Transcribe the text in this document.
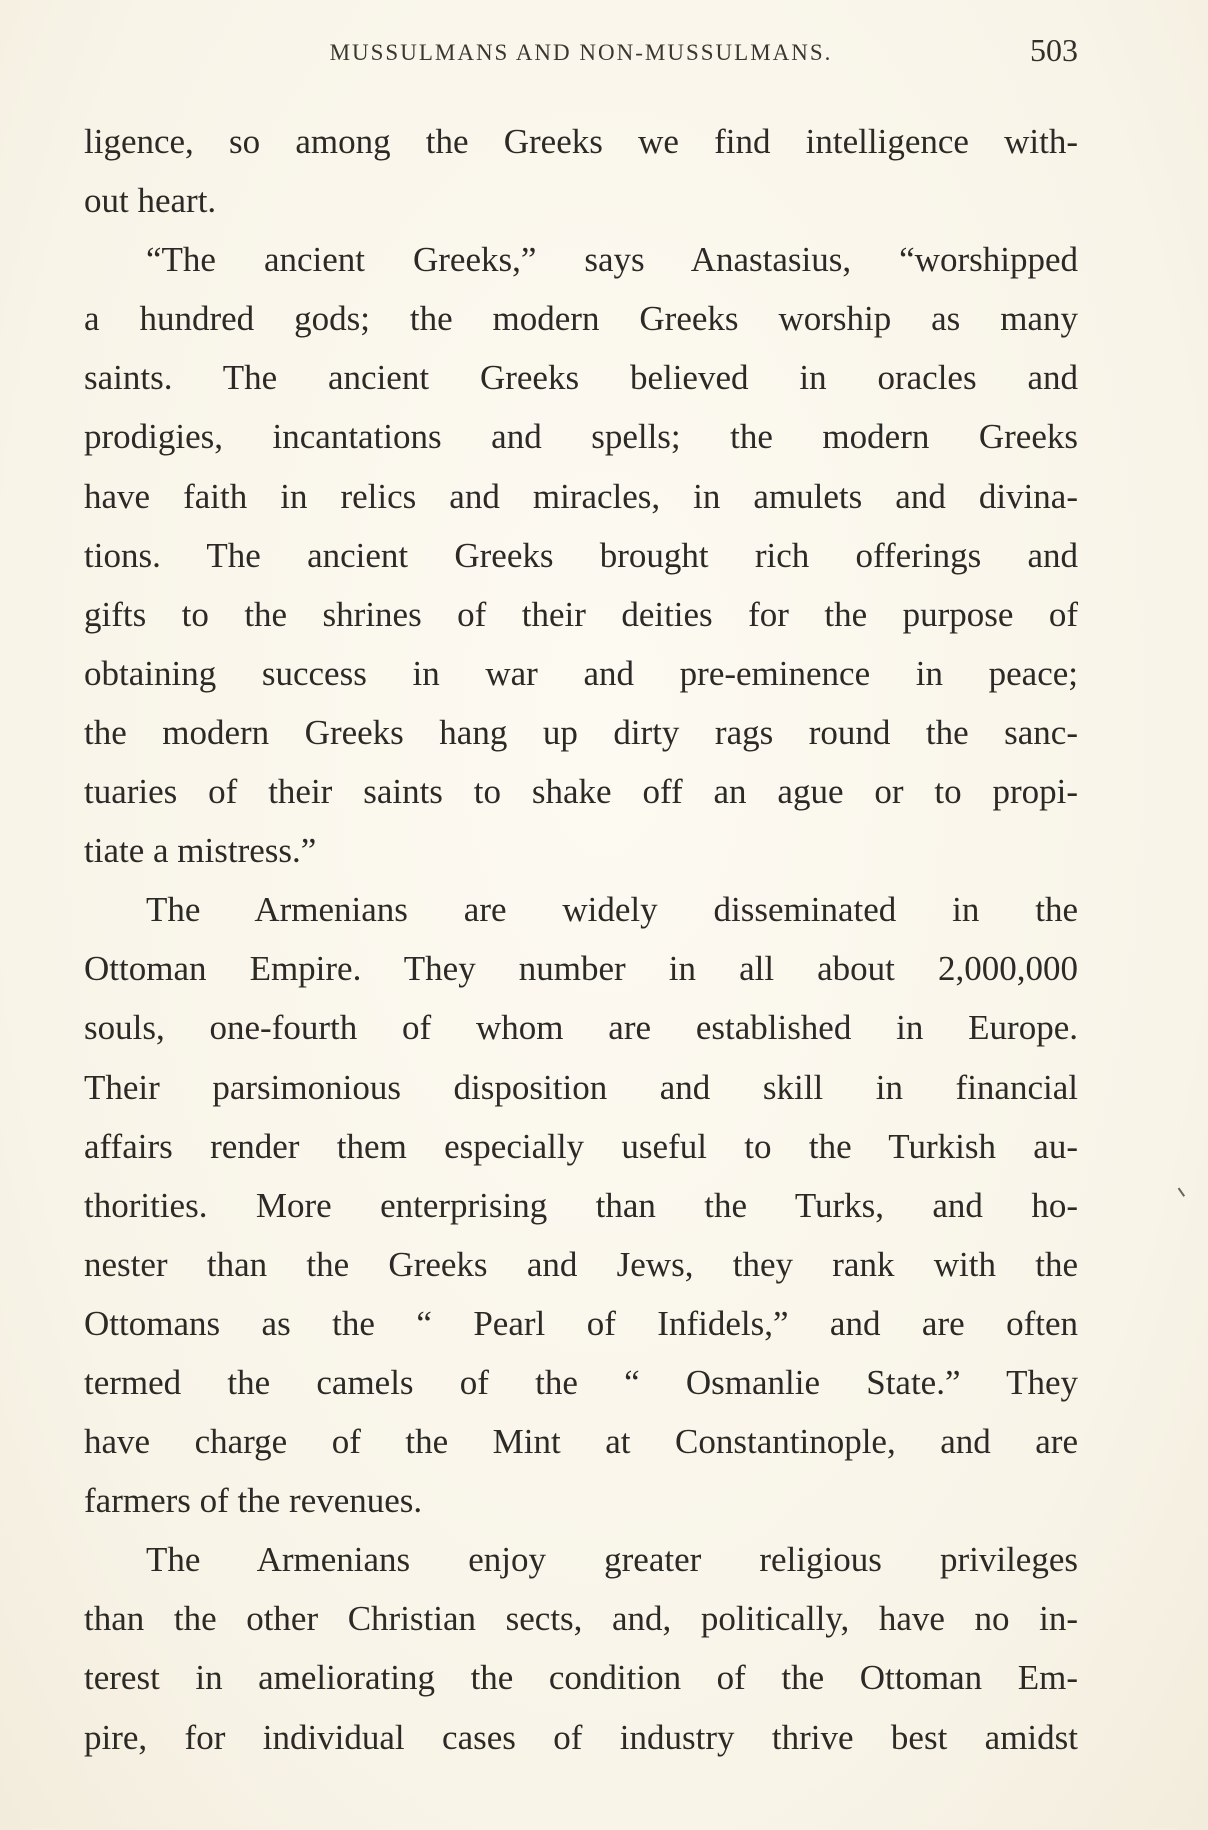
MUSSULMANS AND NON-MUSSULMANS.	503
ligence, so among the Greeks we find intelligence with-
out heart.
“The ancient Greeks,” says Anastasius, “worshipped
a hundred gods; the modern Greeks worship as many
saints. The ancient Greeks believed in oracles and
prodigies, incantations and spells; the modern Greeks
have faith in relics and miracles, in amulets and divina-
tions. The ancient Greeks brought rich offerings and
gifts to the shrines of their deities for the purpose of
obtaining success in war and pre-eminence in peace;
the modern Greeks hang up dirty rags round the sanc-
tuaries of their saints to shake off an ague or to propi-
tiate a mistress.”
The Armenians are widely disseminated in the
Ottoman Empire. They number in all about 2,000,000
souls, one-fourth of whom are established in Europe.
Their parsimonious disposition and skill in financial
affairs render them especially useful to the Turkish au-
thorities. More enterprising than the Turks, and ho-
nester than the Greeks and Jews, they rank with the
Ottomans as the “ Pearl of Infidels,” and are often
termed the camels of the “ Osmanlie State.” They
have charge of the Mint at Constantinople, and are
farmers of the revenues.
The Armenians enjoy greater religious privileges
than the other Christian sects, and, politically, have no in-
terest in ameliorating the condition of the Ottoman Em-
pire, for individual cases of industry thrive best amidst
